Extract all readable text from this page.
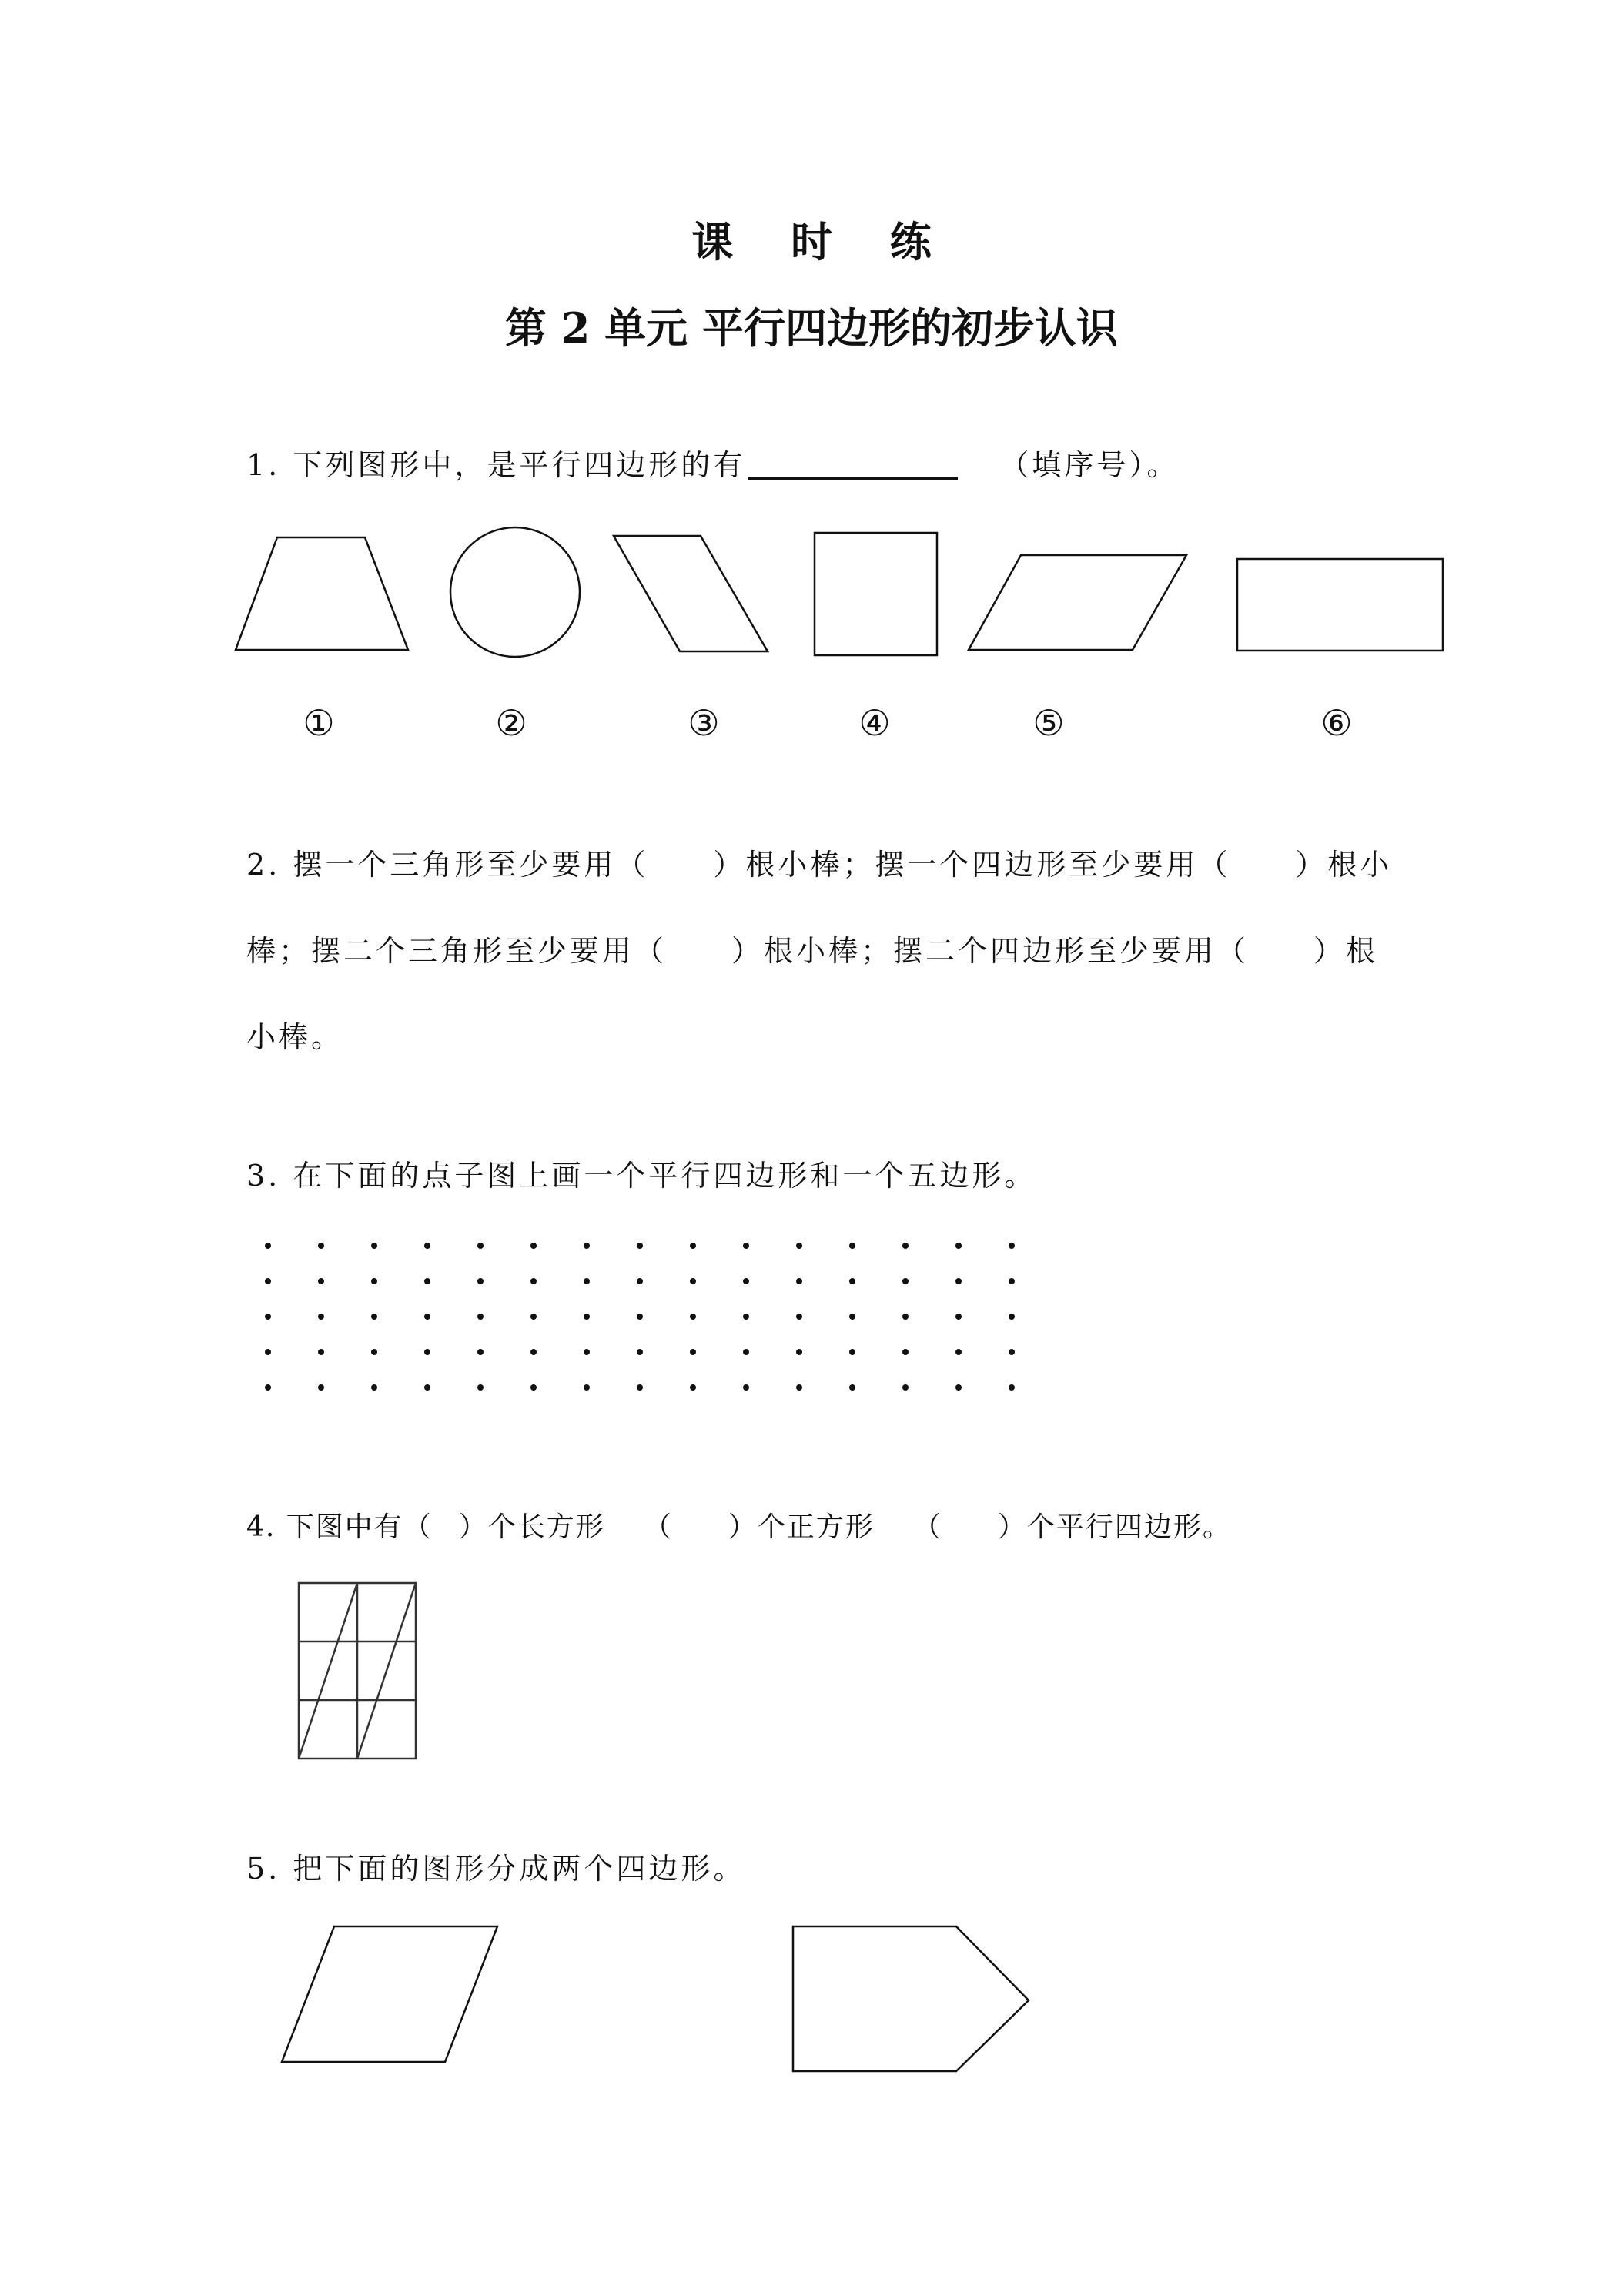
课 时 练
第 2 单元 平行四边形的初步认识
1. 下列图形中，是平行四边形的有	（填序号）。
①	②	③	④	⑤	⑥
2. 摆一个三角形至少要用（　　）根小棒；摆一个四边形至少要用（　　）根小
棒；摆二个三角形至少要用（　　）根小棒；摆二个四边形至少要用（　　）根
小棒。
3. 在下面的点子图上画一个平行四边形和一个五边形。
4. 下图中有（ ）个长方形 （ ）个正方形 （ ）个平行四边形。
5. 把下面的图形分成两个四边形。
